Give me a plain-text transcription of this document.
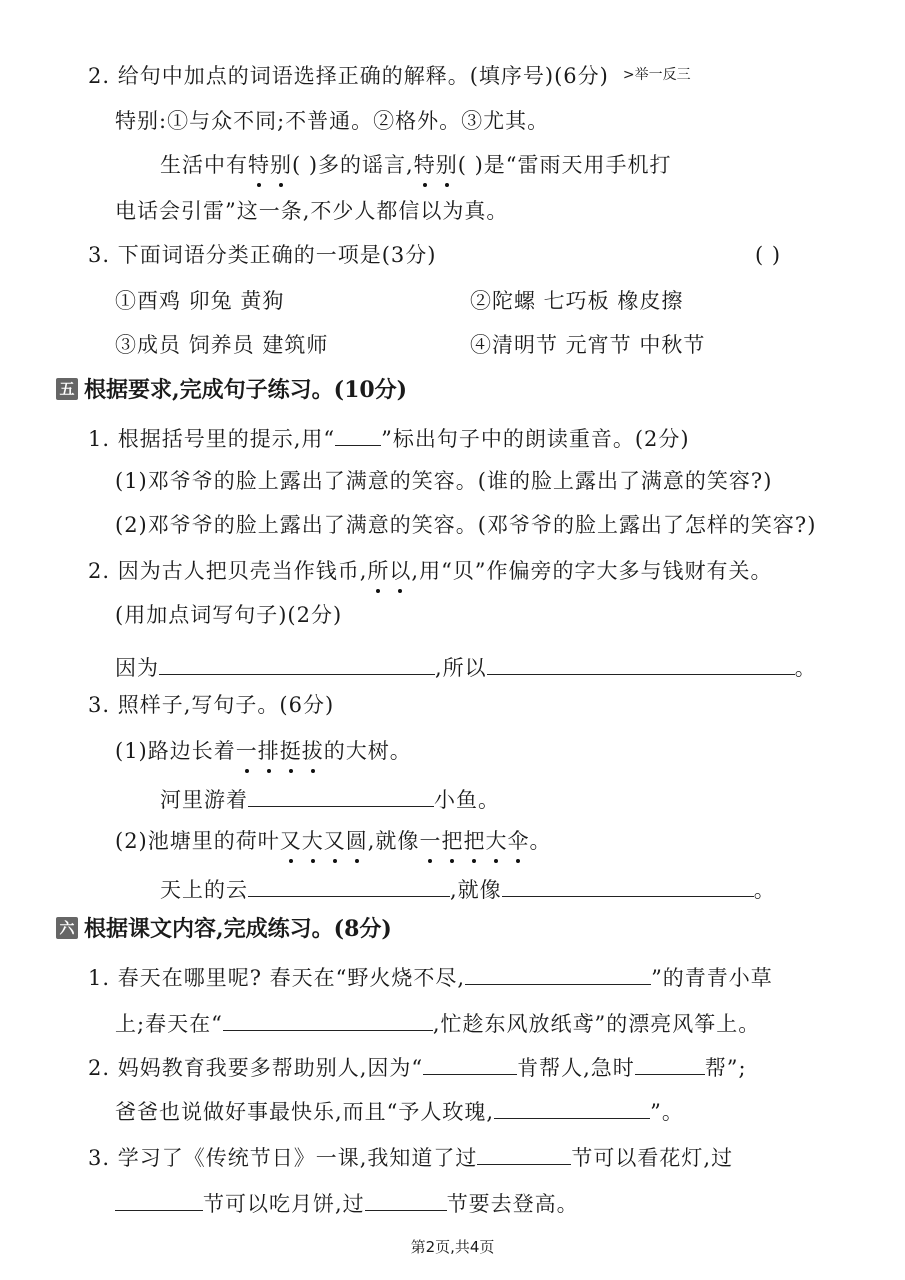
2. 给句中加点的词语选择正确的解释。(填序号)(6分) >举一反三
特别:①与众不同;不普通。②格外。③尤其。
生活中有特别( )多的谣言,特别( )是“雷雨天用手机打
电话会引雷”这一条,不少人都信以为真。
3. 下面词语分类正确的一项是(3分)	( )
①酉鸡 卯兔 黄狗	②陀螺 七巧板 橡皮擦
③成员 饲养员 建筑师	④清明节 元宵节 中秋节
五 根据要求,完成句子练习。(10分)
1. 根据括号里的提示,用“ ”标出句子中的朗读重音。(2分)
(1)邓爷爷的脸上露出了满意的笑容。(谁的脸上露出了满意的笑容?)
(2)邓爷爷的脸上露出了满意的笑容。(邓爷爷的脸上露出了怎样的笑容?)
2. 因为古人把贝壳当作钱币,所以,用“贝”作偏旁的字大多与钱财有关。
(用加点词写句子)(2分)
因为	,所以	。
3. 照样子,写句子。(6分)
(1)路边长着一排挺拔的大树。
河里游着	小鱼。
(2)池塘里的荷叶又大又圆,就像一把把大伞。
天上的云	,就像	。
六 根据课文内容,完成练习。(8分)
1. 春天在哪里呢? 春天在“野火烧不尽,	”的青青小草
上;春天在“	,忙趁东风放纸鸢”的漂亮风筝上。
2. 妈妈教育我要多帮助别人,因为“	肯帮人,急时	帮”;
爸爸也说做好事最快乐,而且“予人玫瑰,	”。
3. 学习了《传统节日》一课,我知道了过	节可以看花灯,过
节可以吃月饼,过	节要去登高。
第2页,共4页
